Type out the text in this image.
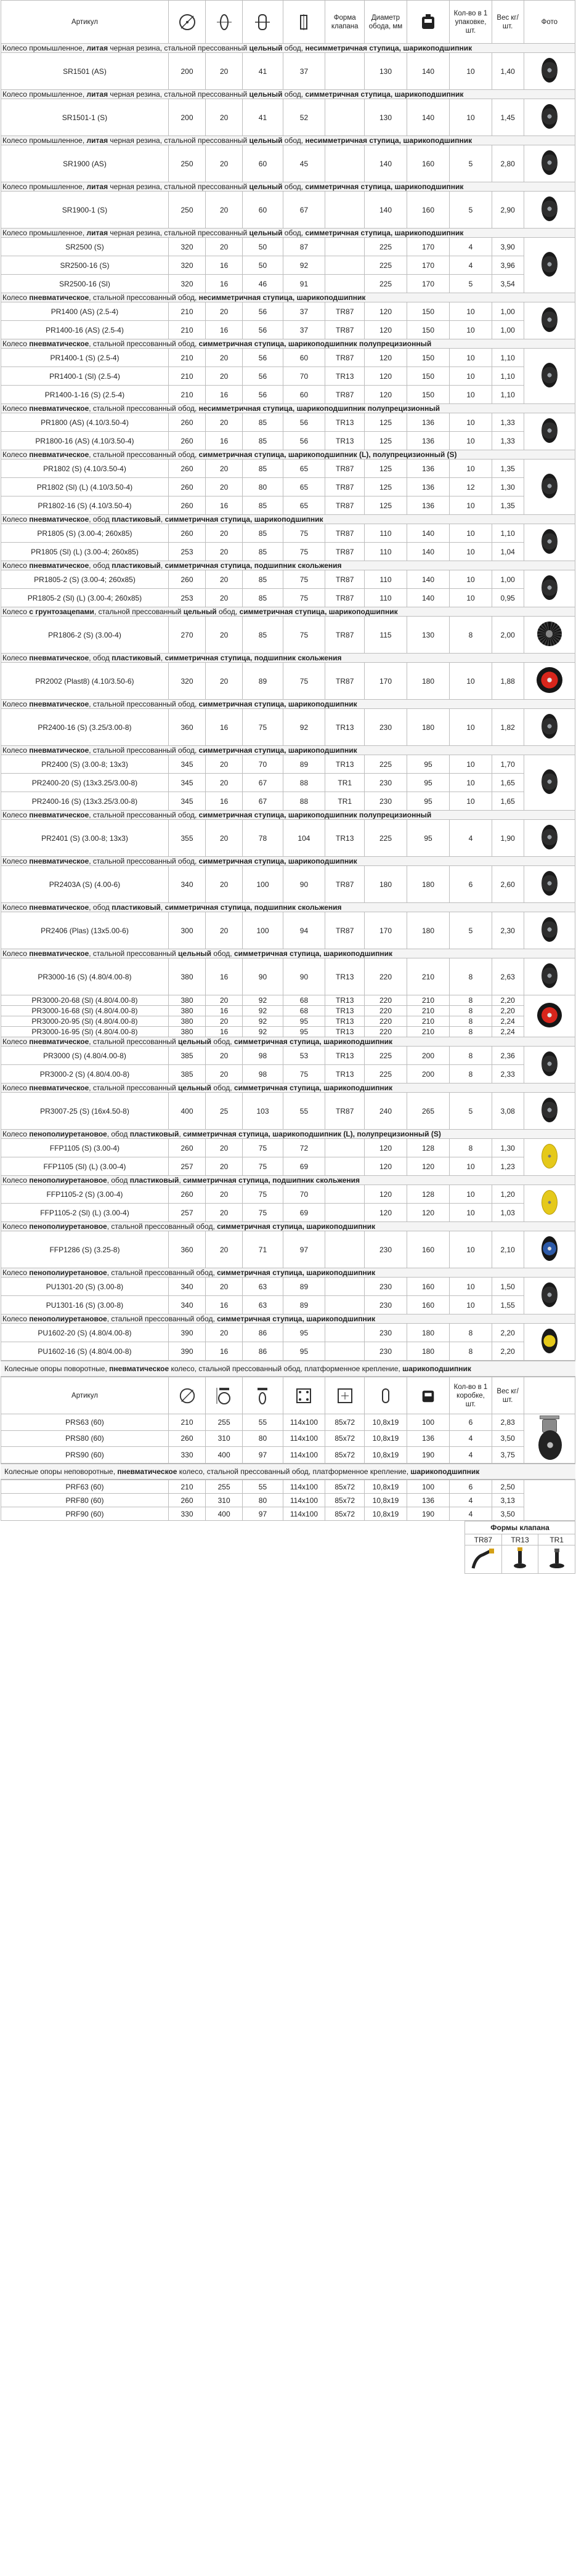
Артикул					Форма клапана	Диаметр обода, мм		Кол-во в 1 упаковке, шт.	Вес кг/шт.	Фото
Колесо промышленное, литая черная резина, стальной прессованный цельный обод, несимметричная ступица, шарикоподшипник										
SR1501 (AS)	200	20	41	37		130	140	10	1,40	
Колесо промышленное, литая черная резина, стальной прессованный цельный обод, симметричная ступица, шарикоподшипник										
SR1501-1 (S)	200	20	41	52		130	140	10	1,45	
Колесо промышленное, литая черная резина, стальной прессованный цельный обод, несимметричная ступица, шарикоподшипник										
SR1900 (AS)	250	20	60	45		140	160	5	2,80	
Колесо промышленное, литая черная резина, стальной прессованный цельный обод, симметричная ступица, шарикоподшипник										
SR1900-1 (S)	250	20	60	67		140	160	5	2,90	
Колесо промышленное, литая черная резина, стальной прессованный цельный обод, симметричная ступица, шарикоподшипник										
SR2500 (S)	320	20	50	87		225	170	4	3,90	
SR2500-16 (S)	320	16	50	92		225	170	4	3,96	
SR2500-16 (Sl)	320	16	46	91		225	170	5	3,54	
Колесо пневматическое, стальной прессованный обод, несимметричная ступица, шарикоподшипник										
PR1400 (AS) (2.5-4)	210	20	56	37	TR87	120	150	10	1,00	
PR1400-16 (AS) (2.5-4)	210	16	56	37	TR87	120	150	10	1,00	
Колесо пневматическое, стальной прессованный обод, симметричная ступица, шарикоподшипник полупрецизионный										
PR1400-1 (S) (2.5-4)	210	20	56	60	TR87	120	150	10	1,10	
PR1400-1 (Sl) (2.5-4)	210	20	56	70	TR13	120	150	10	1,10	
PR1400-1-16 (S) (2.5-4)	210	16	56	60	TR87	120	150	10	1,10	
Колесо пневматическое, стальной прессованный обод, несимметричная ступица, шарикоподшипник полупрецизионный										
PR1800 (AS) (4.10/3.50-4)	260	20	85	56	TR13	125	136	10	1,33	
PR1800-16 (AS) (4.10/3.50-4)	260	16	85	56	TR13	125	136	10	1,33	
Колесо пневматическое, стальной прессованный обод, симметричная ступица, шарикоподшипник (L), полупрецизионный (S)										
PR1802 (S) (4.10/3.50-4)	260	20	85	65	TR87	125	136	10	1,35	
PR1802 (Sl) (L) (4.10/3.50-4)	260	20	80	65	TR87	125	136	12	1,30	
PR1802-16 (S) (4.10/3.50-4)	260	16	85	65	TR87	125	136	10	1,35	
Колесо пневматическое, обод пластиковый, симметричная ступица, шарикоподшипник										
PR1805 (S) (3.00-4; 260x85)	260	20	85	75	TR87	110	140	10	1,10	
PR1805 (Sl) (L) (3.00-4; 260x85)	253	20	85	75	TR87	110	140	10	1,04	
Колесо пневматическое, обод пластиковый, симметричная ступица, подшипник скольжения										
PR1805-2 (S) (3.00-4; 260x85)	260	20	85	75	TR87	110	140	10	1,00	
PR1805-2 (Sl) (L) (3.00-4; 260x85)	253	20	85	75	TR87	110	140	10	0,95	
Колесо с грунтозацепами, стальной прессованный цельный обод, симметричная ступица, шарикоподшипник										
PR1806-2 (S) (3.00-4)	270	20	85	75	TR87	115	130	8	2,00	
Колесо пневматическое, обод пластиковый, симметричная ступица, подшипник скольжения										
PR2002 (Plast8) (4.10/3.50-6)	320	20	89	75	TR87	170	180	10	1,88	
Колесо пневматическое, стальной прессованный обод, симметричная ступица, шарикоподшипник										
PR2400-16 (S) (3.25/3.00-8)	360	16	75	92	TR13	230	180	10	1,82	
Колесо пневматическое, стальной прессованный обод, симметричная ступица, шарикоподшипник										
PR2400 (S) (3.00-8; 13x3)	345	20	70	89	TR13	225	95	10	1,70	
PR2400-20 (S) (13x3.25/3.00-8)	345	20	67	88	TR1	230	95	10	1,65	
PR2400-16 (S) (13x3.25/3.00-8)	345	16	67	88	TR1	230	95	10	1,65	
Колесо пневматическое, стальной прессованный обод, симметричная ступица, шарикоподшипник полупрецизионный										
PR2401 (S) (3.00-8; 13x3)	355	20	78	104	TR13	225	95	4	1,90	
Колесо пневматическое, стальной прессованный обод, симметричная ступица, шарикоподшипник										
PR2403A (S) (4.00-6)	340	20	100	90	TR87	180	180	6	2,60	
Колесо пневматическое, обод пластиковый, симметричная ступица, подшипник скольжения										
PR2406 (Plas) (13x5.00-6)	300	20	100	94	TR87	170	180	5	2,30	
Колесо пневматическое, стальной прессованный цельный обод, симметричная ступица, шарикоподшипник										
PR3000-16 (S) (4.80/4.00-8)	380	16	90	90	TR13	220	210	8	2,63	
PR3000-20-68 (Sl) (4.80/4.00-8)	380	20	92	68	TR13	220	210	8	2,20	
PR3000-16-68 (Sl) (4.80/4.00-8)	380	16	92	68	TR13	220	210	8	2,20	
PR3000-20-95 (Sl) (4.80/4.00-8)	380	20	92	95	TR13	220	210	8	2,24	
PR3000-16-95 (Sl) (4.80/4.00-8)	380	16	92	95	TR13	220	210	8	2,24	
Колесо пневматическое, стальной прессованный цельный обод, симметричная ступица, шарикоподшипник										
PR3000 (S) (4.80/4.00-8)	385	20	98	53	TR13	225	200	8	2,36	
PR3000-2 (S) (4.80/4.00-8)	385	20	98	75	TR13	225	200	8	2,33	
Колесо пневматическое, стальной прессованный цельный обод, симметричная ступица, шарикоподшипник										
PR3007-25 (S) (16x4.50-8)	400	25	103	55	TR87	240	265	5	3,08	
Колесо пенополиуретановое, обод пластиковый, симметричная ступица, шарикоподшипник (L), полупрецизионный (S)										
FFP1105 (S) (3.00-4)	260	20	75	72		120	128	8	1,30	
FFP1105 (Sl) (L) (3.00-4)	257	20	75	69		120	120	10	1,23	
Колесо пенополиуретановое, обод пластиковый, симметричная ступица, подшипник скольжения										
FFP1105-2 (S) (3.00-4)	260	20	75	70		120	128	10	1,20	
FFP1105-2 (Sl) (L) (3.00-4)	257	20	75	69		120	120	10	1,03	
Колесо пенополиуретановое, стальной прессованный обод, симметричная ступица, шарикоподшипник										
FFP1286 (S) (3.25-8)	360	20	71	97		230	160	10	2,10	
Колесо пенополиуретановое, стальной прессованный обод, симметричная ступица, шарикоподшипник										
PU1301-20 (S) (3.00-8)	340	20	63	89		230	160	10	1,50	
PU1301-16 (S) (3.00-8)	340	16	63	89		230	160	10	1,55	
Колесо пенополиуретановое, стальной прессованный обод, симметричная ступица, шарикоподшипник										
PU1602-20 (S) (4.80/4.00-8)	390	20	86	95		230	180	8	2,20	
PU1602-16 (S) (4.80/4.00-8)	390	16	86	95		230	180	8	2,20	
Колесные опоры поворотные, пневматическое колесо, стальной прессованный обод, платформенное крепление, шарикоподшипник
Артикул								Кол-во в 1 коробке, шт.	Вес кг/шт.	
PRS63 (60)	210	255	55	114x100	85x72	10,8x19	100	6	2,83	

PRS80 (60)	260	310	80	114x100	85x72	10,8x19	136	4	3,50	
PRS90 (60)	330	400	97	114x100	85x72	10,8x19	190	4	3,75	
Колесные опоры неповоротные, пневматическое колесо, стальной прессованный обод, платформенное крепление, шарикоподшипник
PRF63 (60)	210	255	55	114x100	85x72	10,8x19	100	6	2,50	
PRF80 (60)	260	310	80	114x100	85x72	10,8x19	136	4	3,13	
PRF90 (60)	330	400	97	114x100	85x72	10,8x19	190	4	3,50	
Формы клапана
TR87	TR13	TR1
